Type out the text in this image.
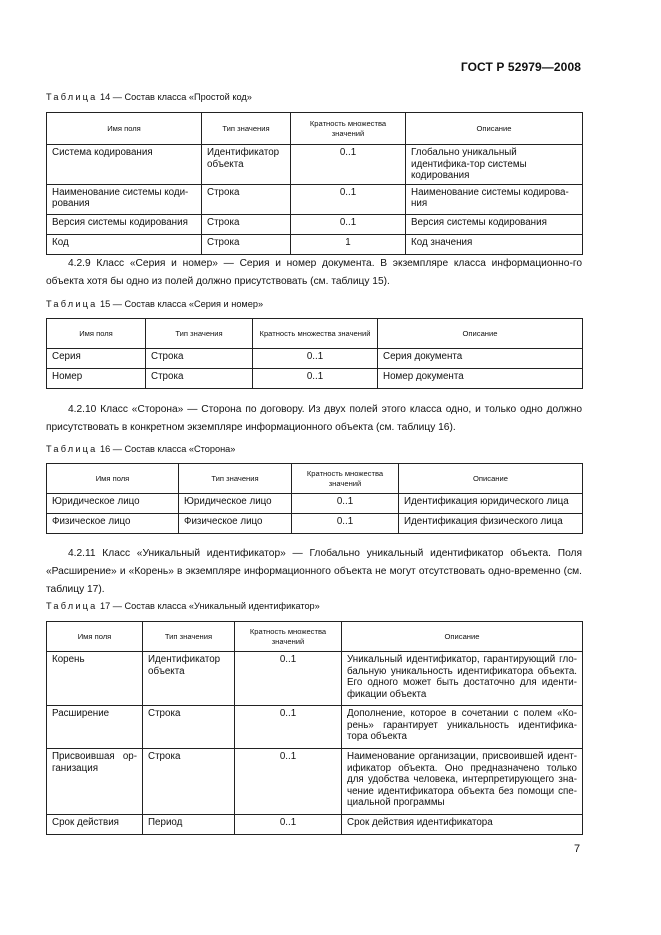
ГОСТ Р 52979—2008
Таблица 14 — Состав класса «Простой код»
Имя поля	Тип значения	Кратность множества значений	Описание
Система кодирования	Идентификатор объекта	0..1	Глобально уникальный идентифика-тор системы кодирования
Наименование системы коди-рования	Строка	0..1	Наименование системы кодирова-ния
Версия системы кодирования	Строка	0..1	Версия системы кодирования
Код	Строка	1	Код значения
4.2.9 Класс «Серия и номер» — Серия и номер документа. В экземпляре класса информационно-го объекта хотя бы одно из полей должно присутствовать (см. таблицу 15).
Таблица 15 — Состав класса «Серия и номер»
Имя поля	Тип значения	Кратность множества значений	Описание
Серия	Строка	0..1	Серия документа
Номер	Строка	0..1	Номер документа
4.2.10 Класс «Сторона» — Сторона по договору. Из двух полей этого класса одно, и только одно должно присутствовать в конкретном экземпляре информационного объекта (см. таблицу 16).
Таблица 16 — Состав класса «Сторона»
Имя поля	Тип значения	Кратность множества значений	Описание
Юридическое лицо	Юридическое лицо	0..1	Идентификация юридического лица
Физическое лицо	Физическое лицо	0..1	Идентификация физического лица
4.2.11 Класс «Уникальный идентификатор» — Глобально уникальный идентификатор объекта. Поля «Расширение» и «Корень» в экземпляре информационного объекта не могут отсутствовать одно-временно (см. таблицу 17).
Таблица 17 — Состав класса «Уникальный идентификатор»
Имя поля	Тип значения	Кратность множества значений	Описание
Корень	Идентификатор объекта	0..1	Уникальный идентификатор, гарантирующий гло-бальную уникальность идентификатора объекта. Его одного может быть достаточно для иденти-фикации объекта
Расширение	Строка	0..1	Дополнение, которое в сочетании с полем «Ко-рень» гарантирует уникальность идентифика-тора объекта
Присвоившая ор-ганизация	Строка	0..1	Наименование организации, присвоившей идент-ификатор объекта. Оно предназначено только для удобства человека, интерпретирующего зна-чение идентификатора объекта без помощи спе-циальной программы
Срок действия	Период	0..1	Срок действия идентификатора
7
